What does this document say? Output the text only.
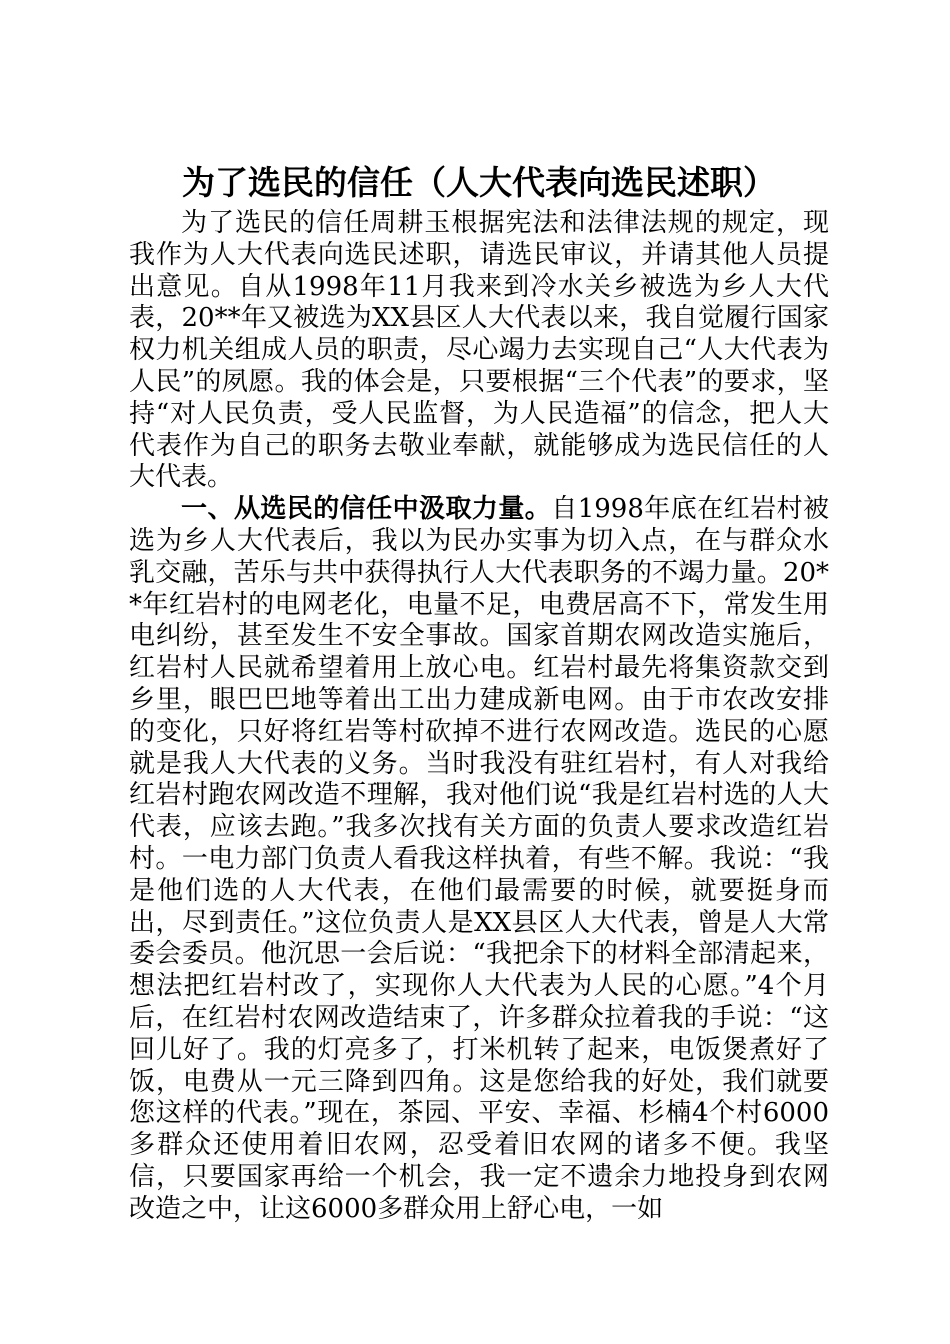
为了选民的信任（人大代表向选民述职）

为了选民的信任周耕玉根据宪法和法律法规的规定，现我作为人大代表向选民述职，请选民审议，并请其他人员提出意见。自从1998年11月我来到冷水关乡被选为乡人大代表，20**年又被选为XX县区人大代表以来，我自觉履行国家权力机关组成人员的职责，尽心竭力去实现自己“人大代表为人民”的夙愿。我的体会是，只要根据“三个代表”的要求，坚持“对人民负责，受人民监督，为人民造福”的信念，把人大代表作为自己的职务去敬业奉献，就能够成为选民信任的人大代表。

一、从选民的信任中汲取力量。自1998年底在红岩村被选为乡人大代表后，我以为民办实事为切入点，在与群众水乳交融，苦乐与共中获得执行人大代表职务的不竭力量。20**年红岩村的电网老化，电量不足，电费居高不下，常发生用电纠纷，甚至发生不安全事故。国家首期农网改造实施后，红岩村人民就希望着用上放心电。红岩村最先将集资款交到乡里，眼巴巴地等着出工出力建成新电网。由于市农改安排的变化，只好将红岩等村砍掉不进行农网改造。选民的心愿就是我人大代表的义务。当时我没有驻红岩村，有人对我给红岩村跑农网改造不理解，我对他们说“我是红岩村选的人大代表，应该去跑。”我多次找有关方面的负责人要求改造红岩村。一电力部门负责人看我这样执着，有些不解。我说：“我是他们选的人大代表，在他们最需要的时候，就要挺身而出，尽到责任。”这位负责人是XX县区人大代表，曾是人大常委会委员。他沉思一会后说：“我把余下的材料全部清起来，想法把红岩村改了，实现你人大代表为人民的心愿。”4个月后，在红岩村农网改造结束了，许多群众拉着我的手说：“这回儿好了。我的灯亮多了，打米机转了起来，电饭煲煮好了饭，电费从一元三降到四角。这是您给我的好处，我们就要您这样的代表。”现在，茶园、平安、幸福、杉楠4个村6000多群众还使用着旧农网，忍受着旧农网的诸多不便。我坚信，只要国家再给一个机会，我一定不遗余力地投身到农网改造之中，让这6000多群众用上舒心电，一如
